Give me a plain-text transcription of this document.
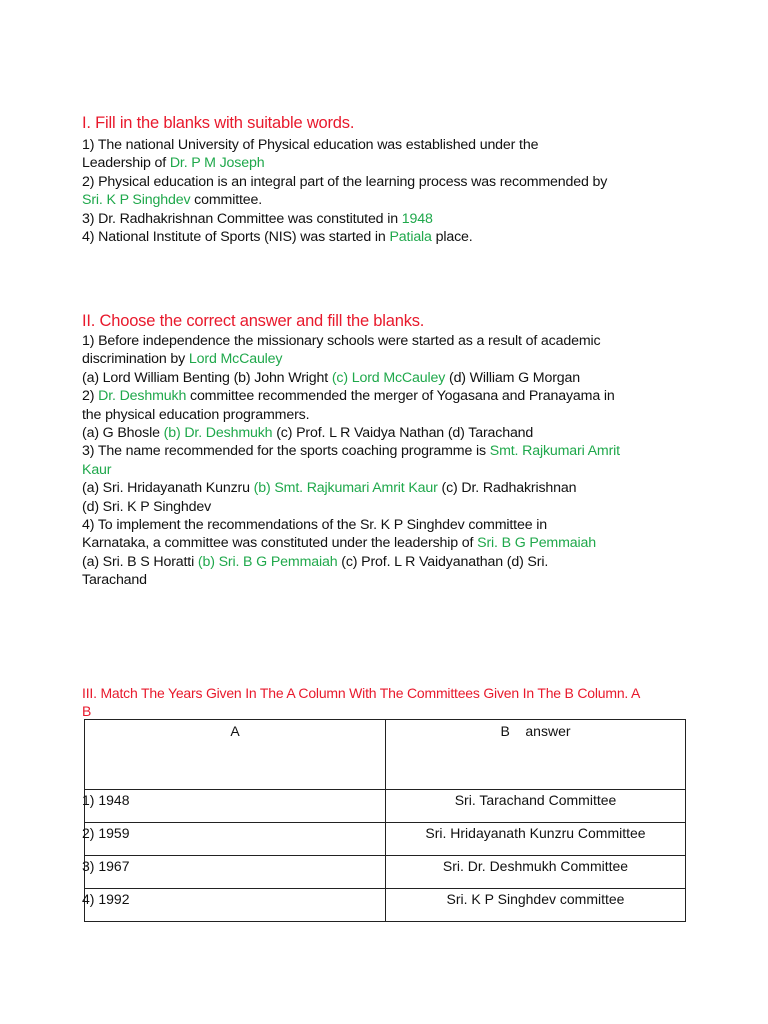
I. Fill in the blanks with suitable words.
1) The national University of Physical education was established under the
Leadership of Dr. P M Joseph
2) Physical education is an integral part of the learning process was recommended by
Sri. K P Singhdev committee.
3) Dr. Radhakrishnan Committee was constituted in 1948
4) National Institute of Sports (NIS) was started in Patiala place.
II. Choose the correct answer and fill the blanks.
1) Before independence the missionary schools were started as a result of academic
discrimination by Lord McCauley
(a) Lord William Benting (b) John Wright (c) Lord McCauley (d) William G Morgan
2) Dr. Deshmukh committee recommended the merger of Yogasana and Pranayama in
the physical education programmers.
(a) G Bhosle (b) Dr. Deshmukh (c) Prof. L R Vaidya Nathan (d) Tarachand
3) The name recommended for the sports coaching programme is Smt. Rajkumari Amrit
Kaur
(a) Sri. Hridayanath Kunzru (b) Smt. Rajkumari Amrit Kaur (c) Dr. Radhakrishnan
(d) Sri. K P Singhdev
4) To implement the recommendations of the Sr. K P Singhdev committee in
Karnataka, a committee was constituted under the leadership of Sri. B G Pemmaiah
(a) Sri. B S Horatti (b) Sri. B G Pemmaiah (c) Prof. L R Vaidyanathan (d) Sri.
Tarachand
III. Match The Years Given In The A Column With The Committees Given In The B Column. A B
A	B    answer

1) 1948	Sri. Tarachand Committee

2) 1959	Sri. Hridayanath Kunzru Committee

3) 1967	Sri. Dr. Deshmukh Committee

4) 1992	Sri. K P Singhdev committee
